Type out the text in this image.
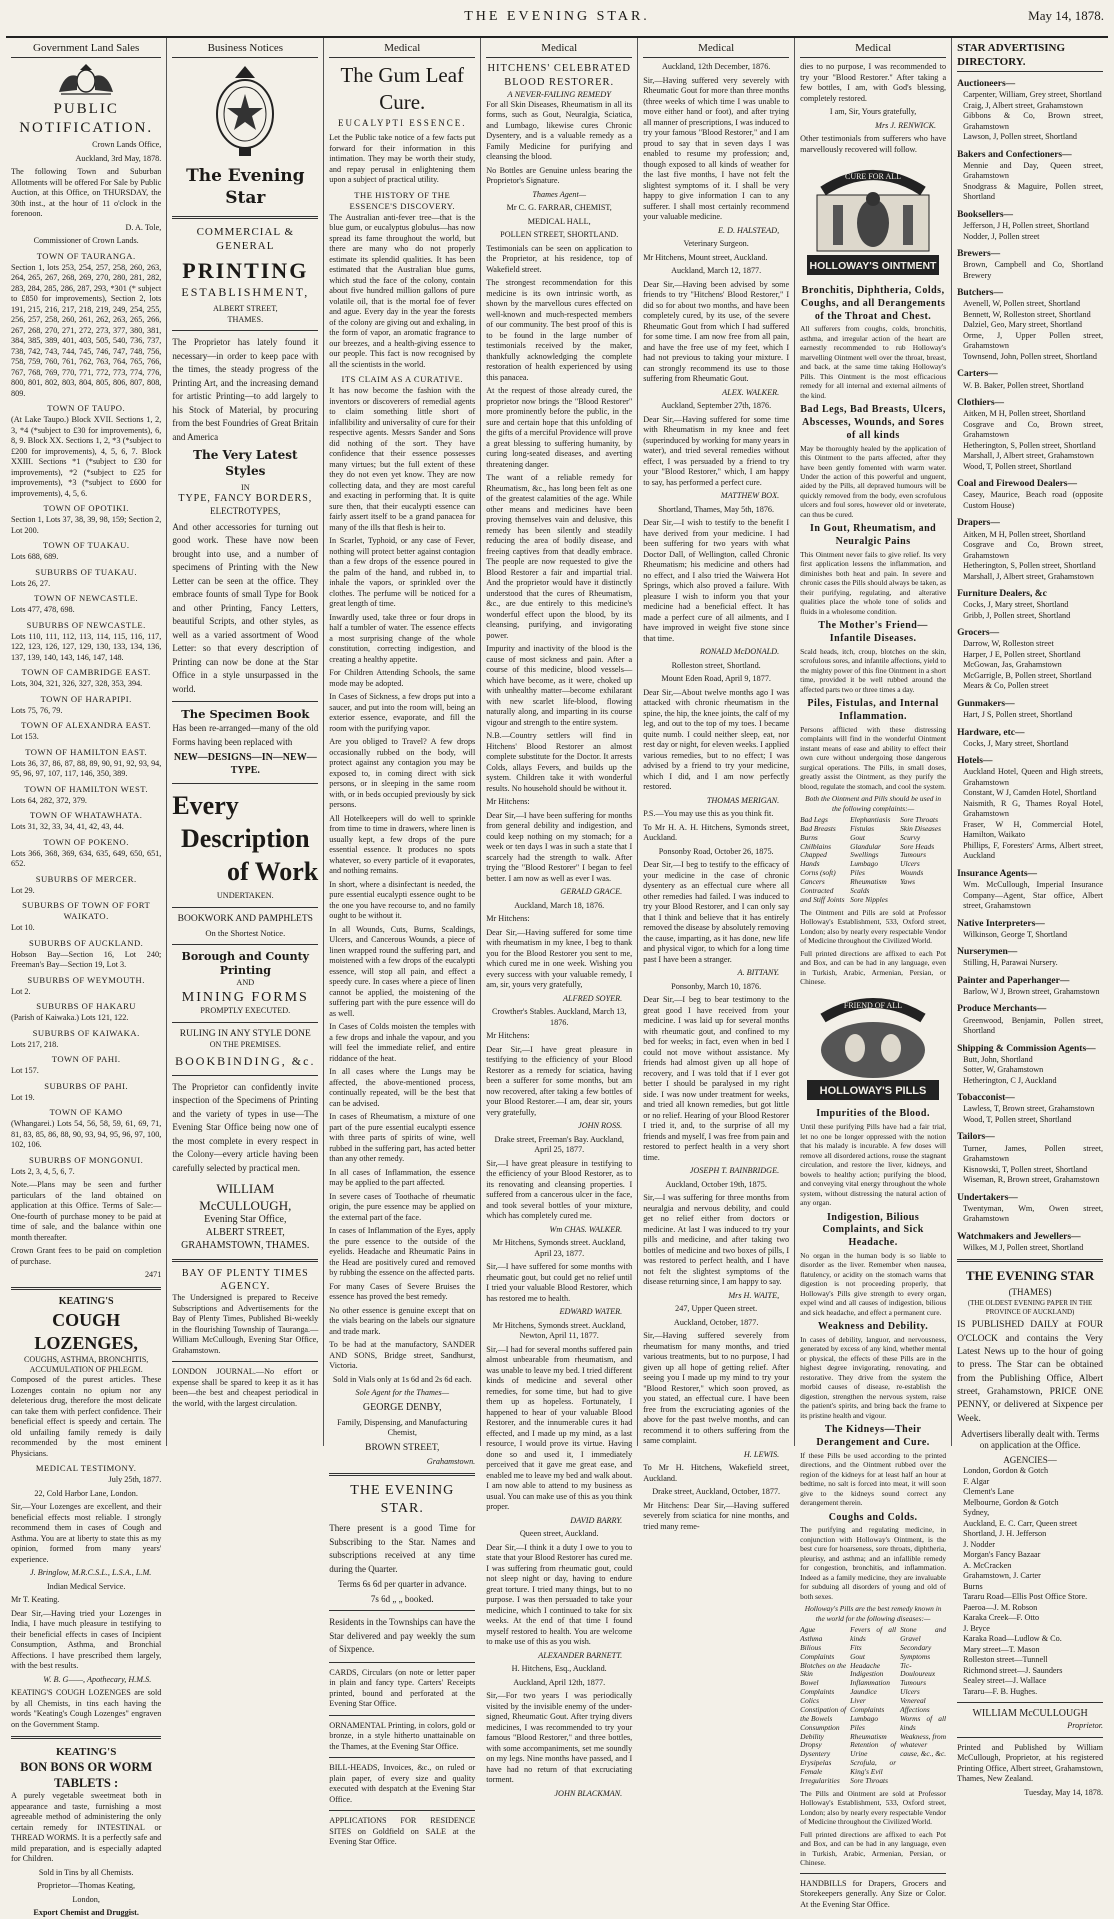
THE EVENING STAR.	May 14, 1878.
Government Land Sales
PUBLIC NOTIFICATION.

Crown Lands Office,

Auckland, 3rd May, 1878.

The following Town and Suburban Allotments will be offered For Sale by Public Auction, at this Office, on THURSDAY, the 30th inst., at the hour of 11 o'clock in the forenoon.

D. A. Tole,

Commissioner of Crown Lands.

TOWN OF TAURANGA.

Section 1, lots 253, 254, 257, 258, 260, 263, 264, 265, 267, 268, 269, 270, 280, 281, 282, 283, 284, 285, 286, 287, 293, *301 (* subject to £850 for improvements), Section 2, lots 191, 215, 216, 217, 218, 219, 249, 254, 255, 256, 257, 258, 260, 261, 262, 263, 265, 266, 267, 268, 270, 271, 272, 273, 377, 380, 381, 384, 385, 389, 401, 403, 505, 540, 736, 737, 738, 742, 743, 744, 745, 746, 747, 748, 756, 758, 759, 760, 761, 762, 763, 764, 765, 766, 767, 768, 769, 770, 771, 772, 773, 774, 776, 800, 801, 802, 803, 804, 805, 806, 807, 808, 809.

TOWN OF TAUPO.

(At Lake Taupo.) Block XVII. Sections 1, 2, 3, *4 (*subject to £30 for improvements), 6, 8, 9. Block XX. Sections 1, 2, *3 (*subject to £200 for improvements), 4, 5, 6, 7. Block XXIII. Sections *1 (*subject to £30 for improvements), *2 (*subject to £25 for improvements), *3 (*subject to £600 for improvements), 4, 5, 6.

TOWN OF OPOTIKI.

Section 1, Lots 37, 38, 39, 98, 159; Section 2, Lot 200.

TOWN OF TUAKAU.

Lots 688, 689.

SUBURBS OF TUAKAU.

Lots 26, 27.

TOWN OF NEWCASTLE.

Lots 477, 478, 698.

SUBURBS OF NEWCASTLE.

Lots 110, 111, 112, 113, 114, 115, 116, 117, 122, 123, 126, 127, 129, 130, 133, 134, 136, 137, 139, 140, 143, 146, 147, 148.

TOWN OF CAMBRIDGE EAST.

Lots, 304, 321, 326, 327, 328, 353, 394.

TOWN OF HARAPIPI.

Lots 75, 76, 79.

TOWN OF ALEXANDRA EAST.

Lot 153.

TOWN OF HAMILTON EAST.

Lots 36, 37, 86, 87, 88, 89, 90, 91, 92, 93, 94, 95, 96, 97, 107, 117, 146, 350, 389.

TOWN OF HAMILTON WEST.

Lots 64, 282, 372, 379.

TOWN OF WHATAWHATA.

Lots 31, 32, 33, 34, 41, 42, 43, 44.

TOWN OF POKENO.

Lots 366, 368, 369, 634, 635, 649, 650, 651, 652.

SUBURBS OF MERCER.

Lot 29.

SUBURBS OF TOWN OF FORT WAIKATO.

Lot 10.

SUBURBS OF AUCKLAND.

Hobson Bay—Section 16, Lot 240; Freeman's Bay—Section 19, Lot 3.

SUBURBS OF WEYMOUTH.

Lot 2.

SUBURBS OF HAKARU

(Parish of Kaiwaka.) Lots 121, 122.

SUBURBS OF KAIWAKA.

Lots 217, 218.

TOWN OF PAHI.

Lot 157.

SUBURBS OF PAHI.

Lot 19.

TOWN OF KAMO

(Whangarei.) Lots 54, 56, 58, 59, 61, 69, 71, 81, 83, 85, 86, 88, 90, 93, 94, 95, 96, 97, 100, 102, 106.

SUBURBS OF MONGONUI.

Lots 2, 3, 4, 5, 6, 7.

Note.—Plans may be seen and further particulars of the land obtained on application at this Office. Terms of Sale:—One-fourth of purchase money to be paid at time of sale, and the balance within one month thereafter.

Crown Grant fees to be paid on completion of purchase.

2471

KEATING'S
COUGH LOZENGES,
COUGHS, ASTHMA, BRONCHITIS, ACCUMULATION OF PHLEGM.

Composed of the purest articles. These Lozenges contain no opium nor any deleterious drug, therefore the most delicate can take them with perfect confidence. Their beneficial effect is speedy and certain. The old unfailing family remedy is daily recommended by the most eminent Physicians.

MEDICAL TESTIMONY.

July 25th, 1877.

22, Cold Harbor Lane, London.

Sir,—Your Lozenges are excellent, and their beneficial effects most reliable. I strongly recommend them in cases of Cough and Asthma. You are at liberty to state this as my opinion, formed from many years' experience.

J. Bringlow, M.R.C.S.L., L.S.A., L.M.

Indian Medical Service.

Mr T. Keating.

Dear Sir,—Having tried your Lozenges in India, I have much pleasure in testifying to their beneficial effects in cases of Incipient Consumption, Asthma, and Bronchial Affections. I have prescribed them largely, with the best results.

W. B. G——, Apothecary, H.M.S.

KEATING'S COUGH LOZENGES are sold by all Chemists, in tins each having the words "Keating's Cough Lozenges" engraven on the Government Stamp.

KEATING'S
BON BONS OR WORM TABLETS :

A purely vegetable sweetmeat both in appearance and taste, furnishing a most agreeable method of administering the only certain remedy for INTESTINAL or THREAD WORMS. It is a perfectly safe and mild preparation, and is especially adapted for Children.

Sold in Tins by all Chemists.

Proprietor—Thomas Keating,

London,

Export Chemist and Druggist.

Business Notices
The Evening Star
COMMERCIAL & GENERAL
PRINTING
ESTABLISHMENT,
ALBERT STREET,
THAMES.

The Proprietor has lately found it necessary—in order to keep pace with the times, the steady progress of the Printing Art, and the increasing demand for artistic Printing—to add largely to his Stock of Material, by procuring from the best Foundries of Great Britain and America

The Very Latest Styles
IN
TYPE, FANCY BORDERS,
ELECTROTYPES,

And other accessories for turning out good work. These have now been brought into use, and a number of specimens of Printing with the New Letter can be seen at the office. They embrace founts of small Type for Book and other Printing, Fancy Letters, beautiful Scripts, and other styles, as well as a varied assortment of Wood Letter: so that every description of Printing can now be done at the Star Office in a style unsurpassed in the world.

The Specimen Book

Has been re-arranged—many of the old Forms having been replaced with

NEW—DESIGNS—IN—NEW—TYPE.
Every
Description
of Work
UNDERTAKEN.
BOOKWORK AND PAMPHLETS
On the Shortest Notice.
Borough and County Printing
AND
MINING FORMS
PROMPTLY EXECUTED.
RULING IN ANY STYLE DONE
ON THE PREMISES.
BOOKBINDING, &c.

The Proprietor can confidently invite inspection of the Specimens of Printing and the variety of types in use—The Evening Star Office being now one of the most complete in every respect in the Colony—every article having been carefully selected by practical men.

WILLIAM McCULLOUGH,
Evening Star Office,
ALBERT STREET,
GRAHAMSTOWN, THAMES.
BAY OF PLENTY TIMES AGENCY.

The Undersigned is prepared to Receive Subscriptions and Advertisements for the Bay of Plenty Times, Published Bi-weekly in the flourishing Township of Tauranga.—William McCullough, Evening Star Office, Grahamstown.

LONDON JOURNAL.—No effort or expense shall be spared to keep it as it has been—the best and cheapest periodical in the world, with the largest circulation.

Medical
The Gum Leaf Cure.
EUCALYPTI ESSENCE.

Let the Public take notice of a few facts put forward for their information in this intimation. They may be worth their study, and repay perusal in enlightening them upon a subject of practical utility.

THE HISTORY OF THE ESSENCE'S DISCOVERY.

The Australian anti-fever tree—that is the blue gum, or eucalyptus globulus—has now spread its fame throughout the world, but there are many who do not properly estimate its splendid qualities. It has been estimated that the Australian blue gums, which stud the face of the colony, contain about five hundred million gallons of pure volatile oil, that is the mortal foe of fever and ague. Every day in the year the forests of the colony are giving out and exhaling, in the form of vapor, an aromatic fragrance to our breezes, and a health-giving essence to our people. This fact is now recognised by all the scientists in the world.

ITS CLAIM AS A CURATIVE.

It has now become the fashion with the inventors or discoverers of remedial agents to claim something little short of infallibility and universality of cure for their respective agents. Messrs Sander and Sons did nothing of the sort. They have confidence that their essence possesses many virtues; but the full extent of these they do not even yet know. They are now collecting data, and they are most careful and exacting in performing that. It is quite sure then, that their eucalypti essence can fairly assert itself to be a grand panacea for many of the ills that flesh is heir to.

In Scarlet, Typhoid, or any case of Fever, nothing will protect better against contagion than a few drops of the essence poured in the palm of the hand, and rubbed in, to inhale the vapors, or sprinkled over the clothes. The perfume will be noticed for a great length of time.

Inwardly used, take three or four drops in half a tumbler of water. The essence effects a most surprising change of the whole constitution, correcting indigestion, and creating a healthy appetite.

For Children Attending Schools, the same mode may be adopted.

In Cases of Sickness, a few drops put into a saucer, and put into the room will, being an exterior essence, evaporate, and fill the room with the purifying vapor.

Are you obliged to Travel? A few drops occasionally rubbed on the body, will protect against any contagion you may be exposed to, in coming direct with sick persons, or in sleeping in the same room with, or in beds occupied previously by sick persons.

All Hotelkeepers will do well to sprinkle from time to time in drawers, where linen is usually kept, a few drops of the pure essential essence. It produces no spots whatever, so every particle of it evaporates, and nothing remains.

In short, where a disinfectant is needed, the pure essential eucalypti essence ought to be the one you have recourse to, and no family ought to be without it.

In all Wounds, Cuts, Burns, Scaldings, Ulcers, and Cancerous Wounds, a piece of linen wrapped round the suffering part, and moistened with a few drops of the eucalypti essence, will stop all pain, and effect a speedy cure. In cases where a piece of linen cannot be applied, the moistening of the suffering part with the pure essence will do as well.

In Cases of Colds moisten the temples with a few drops and inhale the vapour, and you will feel the immediate relief, and entire riddance of the heat.

In all cases where the Lungs may be affected, the above-mentioned process, continually repeated, will be the best that can be advised.

In cases of Rheumatism, a mixture of one part of the pure essential eucalypti essence with three parts of spirits of wine, well rubbed in the suffering part, has acted better than any other remedy.

In all cases of Inflammation, the essence may be applied to the part affected.

In severe cases of Toothache of rheumatic origin, the pure essence may be applied on the external part of the face.

In cases of Inflammation of the Eyes, apply the pure essence to the outside of the eyelids. Headache and Rheumatic Pains in the Head are positively cured and removed by rubbing the essence on the affected parts.

For many Cases of Severe Bruises the essence has proved the best remedy.

No other essence is genuine except that on the vials bearing on the labels our signature and trade mark.

To be had at the manufactory, SANDER AND SONS, Bridge street, Sandhurst, Victoria.

Sold in Vials only at 1s 6d and 2s 6d each.

Sole Agent for the Thames—

GEORGE DENBY,

Family, Dispensing, and Manufacturing Chemist,

BROWN STREET,

Grahamstown.

THE EVENING STAR.

There present is a good Time for Subscribing to the Star. Names and subscriptions received at any time during the Quarter.

Terms 6s 6d per quarter in advance.

7s 6d „ „ booked.

Residents in the Townships can have the Star delivered and pay weekly the sum of Sixpence.

CARDS, Circulars (on note or letter paper in plain and fancy type. Carters' Receipts printed, bound and perforated at the Evening Star Office.

ORNAMENTAL Printing, in colors, gold or bronze, in a style hitherto unattainable on the Thames, at the Evening Star Office.

BILL-HEADS, Invoices, &c., on ruled or plain paper, of every size and quality executed with despatch at the Evening Star Office.

APPLICATIONS FOR RESIDENCE SITES on Goldfield on SALE at the Evening Star Office.

Medical
HITCHENS' CELEBRATED BLOOD RESTORER.
A NEVER-FAILING REMEDY

For all Skin Diseases, Rheumatism in all its forms, such as Gout, Neuralgia, Sciatica, and Lumbago, likewise cures Chronic Dysentery, and is a valuable remedy as a Family Medicine for purifying and cleansing the blood.

No Bottles are Genuine unless bearing the Proprietor's Signature.

Thames Agent—

Mr C. G. FARRAR, CHEMIST,

MEDICAL HALL,

POLLEN STREET, SHORTLAND.

Testimonials can be seen on application to the Proprietor, at his residence, top of Wakefield street.

The strongest recommendation for this medicine is its own intrinsic worth, as shown by the marvellous cures effected on well-known and much-respected members of our community. The best proof of this is to be found in the large number of testimonials received by the maker, thankfully acknowledging the complete restoration of health experienced by using this panacea.

At the request of those already cured, the proprietor now brings the "Blood Restorer" more prominently before the public, in the sure and certain hope that this unfolding of the gifts of a merciful Providence will prove a great blessing to suffering humanity, by curing long-seated diseases, and averting threatening danger.

The want of a reliable remedy for Rheumatism, &c., has long been felt as one of the greatest calamities of the age. While other means and medicines have been proving themselves vain and delusive, this remedy has been silently and steadily reducing the area of bodily disease, and freeing captives from that deadly embrace. The people are now requested to give the Blood Restorer a fair and impartial trial. And the proprietor would have it distinctly understood that the cures of Rheumatism, &c., are due entirely to this medicine's wonderful effect upon the blood, by its cleansing, purifying, and invigorating power.

Impurity and inactivity of the blood is the cause of most sickness and pain. After a course of this medicine, blood vessels—which have become, as it were, choked up with unhealthy matter—become exhilarant with new scarlet life-blood, flowing naturally along, and imparting in its course vigour and strength to the entire system.

N.B.—Country settlers will find in Hitchens' Blood Restorer an almost complete substitute for the Doctor. It arrests Colds, allays Fevers, and builds up the system. Children take it with wonderful results. No household should be without it.

Mr Hitchens:

Dear Sir,—I have been suffering for months from general debility and indigestion, and could keep nothing on my stomach; for a week or ten days I was in such a state that I scarcely had the strength to walk. After trying the "Blood Restorer" I began to feel better. I am now as well as ever I was.

GERALD GRACE.

Auckland, March 18, 1876.

Mr Hitchens:

Dear Sir,—Having suffered for some time with rheumatism in my knee, I beg to thank you for the Blood Restorer you sent to me, which cured me in one week. Wishing you every success with your valuable remedy, I am, sir, yours very gratefully,

ALFRED SOYER.

Crowther's Stables. Auckland, March 13, 1876.

Mr Hitchens:

Dear Sir,—I have great pleasure in testifying to the efficiency of your Blood Restorer as a remedy for sciatica, having been a sufferer for some months, but am now recovered, after taking a few bottles of your Blood Restorer.—I am, dear sir, yours very gratefully,

JOHN ROSS.

Drake street, Freeman's Bay. Auckland, April 25, 1877.

Sir,—I have great pleasure in testifying to the efficiency of your Blood Restorer, as to its renovating and cleansing properties. I suffered from a cancerous ulcer in the face, and took several bottles of your mixture, which has completely cured me.

Wm CHAS. WALKER.

Mr Hitchens, Symonds street. Auckland, April 23, 1877.

Sir,—I have suffered for some months with rheumatic gout, but could get no relief until I tried your valuable Blood Restorer, which has restored me to health.

EDWARD WATER.

Mr Hitchens, Symonds street. Auckland, Newton, April 11, 1877.

Sir,—I had for several months suffered pain almost unbearable from rheumatism, and was unable to leave my bed. I tried different kinds of medicine and several other remedies, for some time, but had to give them up as hopeless. Fortunately, I happened to hear of your valuable Blood Restorer, and the innumerable cures it had effected, and I made up my mind, as a last resource, I would prove its virtue. Having done so and used it, I immediately perceived that it gave me great ease, and enabled me to leave my bed and walk about. I am now able to attend to my business as usual. You can make use of this as you think proper.

DAVID BARRY.

Queen street, Auckland.

Dear Sir,—I think it a duty I owe to you to state that your Blood Restorer has cured me. I was suffering from rheumatic gout, could not sleep night or day, having to endure great torture. I tried many things, but to no purpose. I was then persuaded to take your medicine, which I continued to take for six weeks. At the end of that time I found myself restored to health. You are welcome to make use of this as you wish.

ALEXANDER BARNETT.

H. Hitchens, Esq., Auckland.

Auckland, April 12th, 1877.

Sir,—For two years I was periodically visited by the invisible enemy of the under-signed, Rheumatic Gout. After trying divers medicines, I was recommended to try your famous "Blood Restorer," and three bottles, with some accompaniments, set me soundly on my legs. Nine months have passed, and I have had no return of that excruciating torment.

JOHN BLACKMAN.

Medical

Auckland, 12th December, 1876.

Sir,—Having suffered very severely with Rheumatic Gout for more than three months (three weeks of which time I was unable to move either hand or foot), and after trying all manner of prescriptions, I was induced to try your famous "Blood Restorer," and I am proud to say that in seven days I was enabled to resume my profession; and, though exposed to all kinds of weather for the last five months, I have not felt the slightest symptoms of it. I shall be very happy to give information I can to any sufferer. I shall most certainly recommend your valuable medicine.

E. D. HALSTEAD,

Veterinary Surgeon.

Mr Hitchens, Mount street, Auckland.

Auckland, March 12, 1877.

Dear Sir,—Having been advised by some friends to try "Hitchens' Blood Restorer," I did so for about two months, and have been completely cured, by its use, of the severe Rheumatic Gout from which I had suffered for some time. I am now free from all pain, and have the free use of my feet, which I had not previous to taking your mixture. I can strongly recommend its use to those suffering from Rheumatic Gout.

ALEX. WALKER.

Auckland, September 27th, 1876.

Dear Sir,—Having suffered for some time with Rheumatism in my knee and feet (superinduced by working for many years in water), and tried several remedies without effect, I was persuaded by a friend to try your "Blood Restorer," which, I am happy to say, has performed a perfect cure.

MATTHEW BOX.

Shortland, Thames, May 5th, 1876.

Dear Sir,—I wish to testify to the benefit I have derived from your medicine. I had been suffering for two years with what Doctor Dall, of Wellington, called Chronic Rheumatism; his medicine and others had no effect, and I also tried the Waiwera Hot Springs, which also proved a failure. With pleasure I wish to inform you that your medicine had a beneficial effect. It has made a perfect cure of all ailments, and I have improved in weight five stone since that time.

RONALD McDONALD.

Rolleston street, Shortland.

Mount Eden Road, April 9, 1877.

Dear Sir,—About twelve months ago I was attacked with chronic rheumatism in the spine, the hip, the knee joints, the calf of my leg, and out to the top of my toes. I became quite numb. I could neither sleep, eat, nor rest day or night, for eleven weeks. I applied various remedies, but to no effect; I was advised by a friend to try your medicine, which I did, and I am now perfectly restored.

THOMAS MERIGAN.

P.S.—You may use this as you think fit.

To Mr H. A. H. Hitchens, Symonds street, Auckland.

Ponsonby Road, October 26, 1875.

Dear Sir,—I beg to testify to the efficacy of your medicine in the case of chronic dysentery as an effectual cure where all other remedies had failed. I was induced to try your Blood Restorer, and I can only say that I think and believe that it has entirely removed the disease by absolutely removing the cause, imparting, as it has done, new life and physical vigor, to which for a long time past I have been a stranger.

A. BITTANY.

Ponsonby, March 10, 1876.

Dear Sir,—I beg to bear testimony to the great good I have received from your medicine. I was laid up for several months with rheumatic gout, and confined to my bed for weeks; in fact, even when in bed I could not move without assistance. My friends had almost given up all hope of recovery, and I was told that if I ever got better I should be paralysed in my right side. I was now under treatment for weeks, and tried all known remedies, but got little or no relief. Hearing of your Blood Restorer I tried it, and, to the surprise of all my friends and myself, I was free from pain and restored to perfect health in a very short time.

JOSEPH T. BAINBRIDGE.

Auckland, October 19th, 1875.

Sir,—I was suffering for three months from neuralgia and nervous debility, and could get no relief either from doctors or medicine. At last I was induced to try your pills and medicine, and after taking two bottles of medicine and two boxes of pills, I was restored to perfect health, and I have not felt the slightest symptoms of the disease returning since, I am happy to say.

Mrs H. WAITE,

247, Upper Queen street.

Auckland, October, 1877.

Sir,—Having suffered severely from rheumatism for many months, and tried various treatments, but to no purpose, I had given up all hope of getting relief. After seeing you I made up my mind to try your "Blood Restorer," which soon proved, as you stated, an effectual cure. I have been free from the excruciating agonies of the above for the past twelve months, and can recommend it to others suffering from the same complaint.

H. LEWIS.

To Mr H. Hitchens, Wakefield street, Auckland.

Drake street, Auckland, October, 1877.

Mr Hitchens: Dear Sir,—Having suffered severely from sciatica for nine months, and tried many reme-

Medical

dies to no purpose, I was recommended to try your "Blood Restorer." After taking a few bottles, I am, with God's blessing, completely restored.

I am, Sir, Yours gratefully,

Mrs J. RENWICK.

Other testimonials from sufferers who have marvellously recovered will follow.

CURE FOR ALL
HOLLOWAY'S OINTMENT
Bronchitis, Diphtheria, Colds, Coughs, and all Derangements of the Throat and Chest.

All sufferers from coughs, colds, bronchitis, asthma, and irregular action of the heart are earnestly recommended to rub Holloway's marvelling Ointment well over the throat, breast, and back, at the same time taking Holloway's Pills. This Ointment is the most efficacious remedy for all internal and external ailments of the kind.

Bad Legs, Bad Breasts, Ulcers, Abscesses, Wounds, and Sores of all kinds

May be thoroughly healed by the application of this Ointment to the parts affected, after they have been gently fomented with warm water. Under the action of this powerful and unguent, aided by the Pills, all depraved humours will be quickly removed from the body, even scrofulous ulcers and foul sores, however old or inveterate, can thus be cured.

In Gout, Rheumatism, and Neuralgic Pains

This Ointment never fails to give relief. Its very first application lessens the inflammation, and diminishes both heat and pain. In severe and chronic cases the Pills should always be taken, as their purifying, regulating, and alterative qualities place the whole tone of solids and fluids in a wholesome condition.

The Mother's Friend—Infantile Diseases.

Scald heads, itch, croup, blotches on the skin, scrofulous sores, and infantile affections, yield to the mighty power of this fine Ointment in a short time, provided it be well rubbed around the affected parts two or three times a day.

Piles, Fistulas, and Internal Inflammation.

Persons afflicted with these distressing complaints will find in the wonderful Ointment instant means of ease and ability to effect their own cure without undergoing those dangerous surgical operations. The Pills, in small doses, greatly assist the Ointment, as they purify the blood, regulate the stomach, and cool the system.

Both the Ointment and Pills should be used in the following complaints:—

Bad Legs
Bad Breasts
Burns
Chilblains
Chapped Hands
Corns (soft)
Cancers
Contracted and Stiff Joints
Elephantiasis
Fistulas
Gout
Glandular Swellings
Lumbago
Piles
Rheumatism
Scalds
Sore Nipples
Sore Throats
Skin Diseases
Scurvy
Sore Heads
Tumours
Ulcers
Wounds
Yaws

The Ointment and Pills are sold at Professor Holloway's Establishment, 533, Oxford street, London; also by nearly every respectable Vendor of Medicine throughout the Civilized World.

Full printed directions are affixed to each Pot and Box, and can be had in any language, even in Turkish, Arabic, Armenian, Persian, or Chinese.

FRIEND OF ALL
HOLLOWAY'S PILLS
Impurities of the Blood.

Until these purifying Pills have had a fair trial, let no one be longer oppressed with the notion that his malady is incurable. A few doses will remove all disordered actions, rouse the stagnant circulation, and restore the liver, kidneys, and bowels to healthy action; purifying the blood, and conveying vital energy throughout the whole system, without distressing the natural action of any organ.

Indigestion, Bilious Complaints, and Sick Headache.

No organ in the human body is so liable to disorder as the liver. Remember when nausea, flatulency, or acidity on the stomach warns that digestion is not proceeding properly, that Holloway's Pills give strength to every organ, expel wind and all causes of indigestion, bilious and sick headache, and effect a permanent cure.

Weakness and Debility.

In cases of debility, languor, and nervousness, generated by excess of any kind, whether mental or physical, the effects of these Pills are in the highest degree invigorating, renovating, and restorative. They drive from the system the morbid causes of disease, re-establish the digestion, strengthen the nervous system, raise the patient's spirits, and bring back the frame to its pristine health and vigour.

The Kidneys—Their Derangement and Cure.

If these Pills be used according to the printed directions, and the Ointment rubbed over the region of the kidneys for at least half an hour at bedtime, no salt is forced into meat, it will soon give to the kidneys sound correct any derangement therein.

Coughs and Colds.

The purifying and regulating medicine, in conjunction with Holloway's Ointment, is the best cure for hoarseness, sore throats, diphtheria, pleurisy, and asthma; and an infallible remedy for congestion, bronchitis, and inflammation. Indeed as a family medicine, they are invaluable for subduing all disorders of young and old of both sexes.

Holloway's Pills are the best remedy known in the world for the following diseases:—

Ague
Asthma
Bilious Complaints
Blotches on the Skin
Bowel Complaints
Colics
Constipation of the Bowels
Consumption
Debility
Dropsy
Dysentery
Erysipelas
Female Irregularities
Fevers of all kinds
Fits
Gout
Headache
Indigestion
Inflammation
Jaundice
Liver Complaints
Lumbago
Piles
Rheumatism
Retention of Urine
Scrofula, or King's Evil
Sore Throats
Stone and Gravel
Secondary Symptoms
Tic-Douloureux
Tumours
Ulcers
Venereal Affections
Worms of all kinds
Weakness, from whatever cause, &c., &c.

The Pills and Ointment are sold at Professor Holloway's Establishment, 533, Oxford street, London; also by nearly every respectable Vendor of Medicine throughout the Civilized World.

Full printed directions are affixed to each Pot and Box, and can be had in any language, even in Turkish, Arabic, Armenian, Persian, or Chinese.

HANDBILLS for Drapers, Grocers and Storekeepers generally. Any Size or Color. At the Evening Star Office.

STAR ADVERTISING DIRECTORY.
Auctioneers—
Carpenter, William, Grey street, Shortland
Craig, J, Albert street, Grahamstown
Gibbons & Co, Brown street, Grahamstown
Lawson, J, Pollen street, Shortland
Bakers and Confectioners—
Mennie and Day, Queen street, Grahamstown
Snodgrass & Maguire, Pollen street, Shortland
Booksellers—
Jefferson, J H, Pollen street, Shortland
Nodder, J, Pollen street
Brewers—
Brown, Campbell and Co, Shortland Brewery
Butchers—
Avenell, W, Pollen street, Shortland
Bennett, W, Rolleston street, Shortland
Dalziel, Geo, Mary street, Shortland
Orme, J, Upper Pollen street, Grahamstown
Townsend, John, Pollen street, Shortland
Carters—
W. B. Baker, Pollen street, Shortland
Clothiers—
Aitken, M H, Pollen street, Shortland
Cosgrave and Co, Brown street, Grahamstown
Hetherington, S, Pollen street, Shortland
Marshall, J, Albert street, Grahamstown
Wood, T, Pollen street, Shortland
Coal and Firewood Dealers—
Casey, Maurice, Beach road (opposite Custom House)
Drapers—
Aitken, M H, Pollen street, Shortland
Cosgrave and Co, Brown street, Grahamstown
Hetherington, S, Pollen street, Shortland
Marshall, J, Albert street, Grahamstown
Furniture Dealers, &c
Cocks, J, Mary street, Shortland
Gribb, J, Pollen street, Shortland
Grocers—
Darrow, W, Rolleston street
Harper, J E, Pollen street, Shortland
McGowan, Jas, Grahamstown
McGarrigle, B, Pollen street, Shortland
Mears & Co, Pollen street
Gunmakers—
Hart, J S, Pollen street, Shortland
Hardware, etc—
Cocks, J, Mary street, Shortland
Hotels—
Auckland Hotel, Queen and High streets, Grahamstown
Constant, W J, Camden Hotel, Shortland
Naismith, R G, Thames Royal Hotel, Grahamstown
Fraser, W H, Commercial Hotel, Hamilton, Waikato
Phillips, F, Foresters' Arms, Albert street, Auckland
Insurance Agents—
Wm. McCullough, Imperial Insurance Company—Agent, Star office, Albert street, Grahamstown
Native Interpreters—
Wilkinson, George T, Shortland
Nurserymen—
Stilling, H, Parawai Nursery.
Painter and Paperhanger—
Barlow, W J, Brown street, Grahamstown
Produce Merchants—
Greenwood, Benjamin, Pollen street, Shortland
Shipping & Commission Agents—
Butt, John, Shortland
Sotter, W, Grahamstown
Hetherington, C J, Auckland
Tobacconist—
Lawless, T, Brown street, Grahamstown
Wood, T, Pollen street, Shortland
Tailors—
Turner, James, Pollen street, Grahamstown
Kisnowski, T, Pollen street, Shortland
Wiseman, R, Brown street, Grahamstown
Undertakers—
Twentyman, Wm, Owen street, Grahamstown
Watchmakers and Jewellers—
Wilkes, M J, Pollen street, Shortland
THE EVENING STAR
(THAMES)
(THE OLDEST EVENING PAPER IN THE PROVINCE OF AUCKLAND)

IS PUBLISHED DAILY at FOUR O'CLOCK and contains the Very Latest News up to the hour of going to press. The Star can be obtained from the Publishing Office, Albert street, Grahamstown, PRICE ONE PENNY, or delivered at Sixpence per Week.

Advertisers liberally dealt with. Terms on application at the Office.

AGENCIES—
London, Gordon & Gotch
F. Algar
Clement's Lane
Melbourne, Gordon & Gotch
Sydney,
Auckland, E. C. Carr, Queen street
Shortland, J. H. Jefferson
J. Nodder
Morgan's Fancy Bazaar
A. McCracken
Grahamstown, J. Carter
Burns
Tararu Road—Ellis Post Office Store.
Paeroa—J. M. Robson
Karaka Creek—F. Otto
J. Bryce
Karaka Road—Ludlow & Co.
Mary street—T. Mason
Rolleston street—Tunnell
Richmond street—J. Saunders
Sealey street—J. Wallace
Tararu—F. B. Hughes.
WILLIAM McCULLOUGH
Proprietor.

Printed and Published by William McCullough, Proprietor, at his registered Printing Office, Albert street, Grahamstown, Thames, New Zealand.

Tuesday, May 14, 1878.
